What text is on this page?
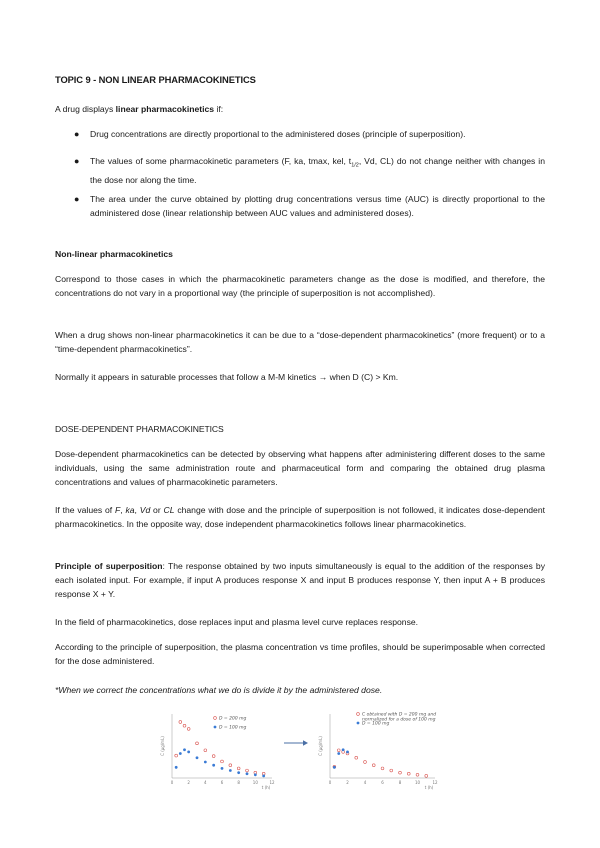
TOPIC 9 - NON LINEAR PHARMACOKINETICS
A drug displays linear pharmacokinetics if:
● Drug concentrations are directly proportional to the administered doses (principle of superposition).
● The values of some pharmacokinetic parameters (F, ka, tmax, kel, $t_{1/2}$, Vd, CL) do not change neither with changes in the dose nor along the time.
● The area under the curve obtained by plotting drug concentrations versus time (AUC) is directly proportional to the administered dose (linear relationship between AUC values and administered doses).
Non-linear pharmacokinetics
Correspond to those cases in which the pharmacokinetic parameters change as the dose is modified, and therefore, the concentrations do not vary in a proportional way (the principle of superposition is not accomplished).
When a drug shows non-linear pharmacokinetics it can be due to a “dose-dependent pharmacokinetics” (more frequent) or to a “time-dependent pharmacokinetics”.
Normally it appears in saturable processes that follow a M-M kinetics → when D (C) > Km.
DOSE-DEPENDENT PHARMACOKINETICS
Dose-dependent pharmacokinetics can be detected by observing what happens after administering different doses to the same individuals, using the same administration route and pharmaceutical form and comparing the obtained drug plasma concentrations and values of pharmacokinetic parameters.
If the values of F, ka, Vd or CL change with dose and the principle of superposition is not followed, it indicates dose-dependent pharmacokinetics. In the opposite way, dose independent pharmacokinetics follows linear pharmacokinetics.
Principle of superposition: The response obtained by two inputs simultaneously is equal to the addition of the responses by each isolated input. For example, if input A produces response X and input B produces response Y, then input A + B produces response X + Y.
In the field of pharmacokinetics, dose replaces input and plasma level curve replaces response.
According to the principle of superposition, the plasma concentration vs time profiles, should be superimposable when corrected for the dose administered.
*When we correct the concentrations what we do is divide it by the administered dose.
0	2	4	6	8	10	12
t (h)
C (µg/mL)
D = 200 mg
D = 100 mg
0	2	4	6	8	10	12
t (h)
C (µg/mL)
C obtained with D = 200 mg and normalized for a dose of 100 mg
D = 100 mg
